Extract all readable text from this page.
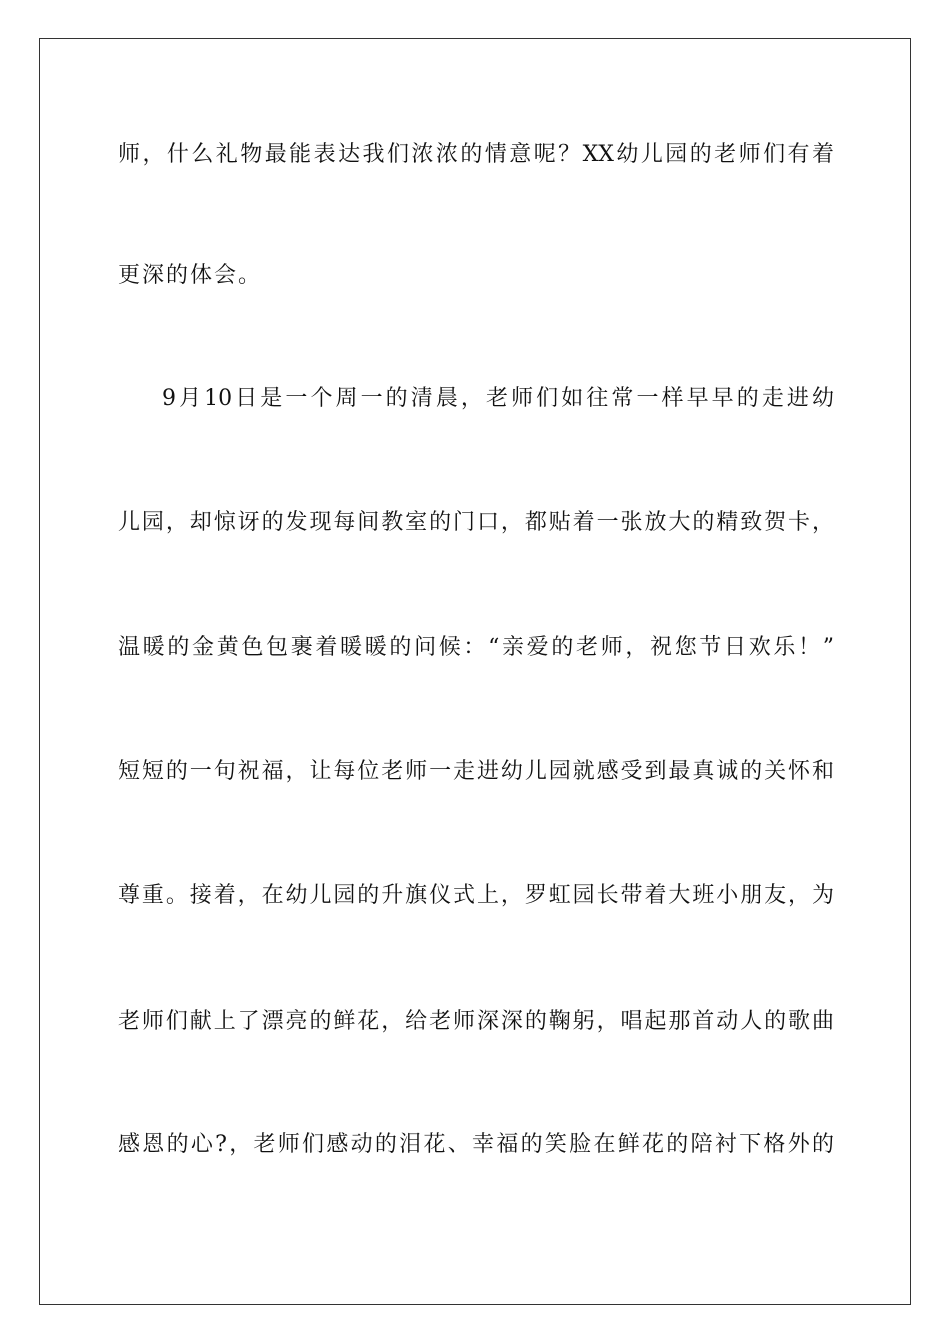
师，什么礼物最能表达我们浓浓的情意呢？XX幼儿园的老师们有着
更深的体会。
9月10日是一个周一的清晨，老师们如往常一样早早的走进幼
儿园，却惊讶的发现每间教室的门口，都贴着一张放大的精致贺卡，
温暖的金黄色包裹着暖暖的问候：“亲爱的老师，祝您节日欢乐！”
短短的一句祝福，让每位老师一走进幼儿园就感受到最真诚的关怀和
尊重。接着，在幼儿园的升旗仪式上，罗虹园长带着大班小朋友，为
老师们献上了漂亮的鲜花，给老师深深的鞠躬，唱起那首动人的歌曲
感恩的心?，老师们感动的泪花、幸福的笑脸在鲜花的陪衬下格外的
